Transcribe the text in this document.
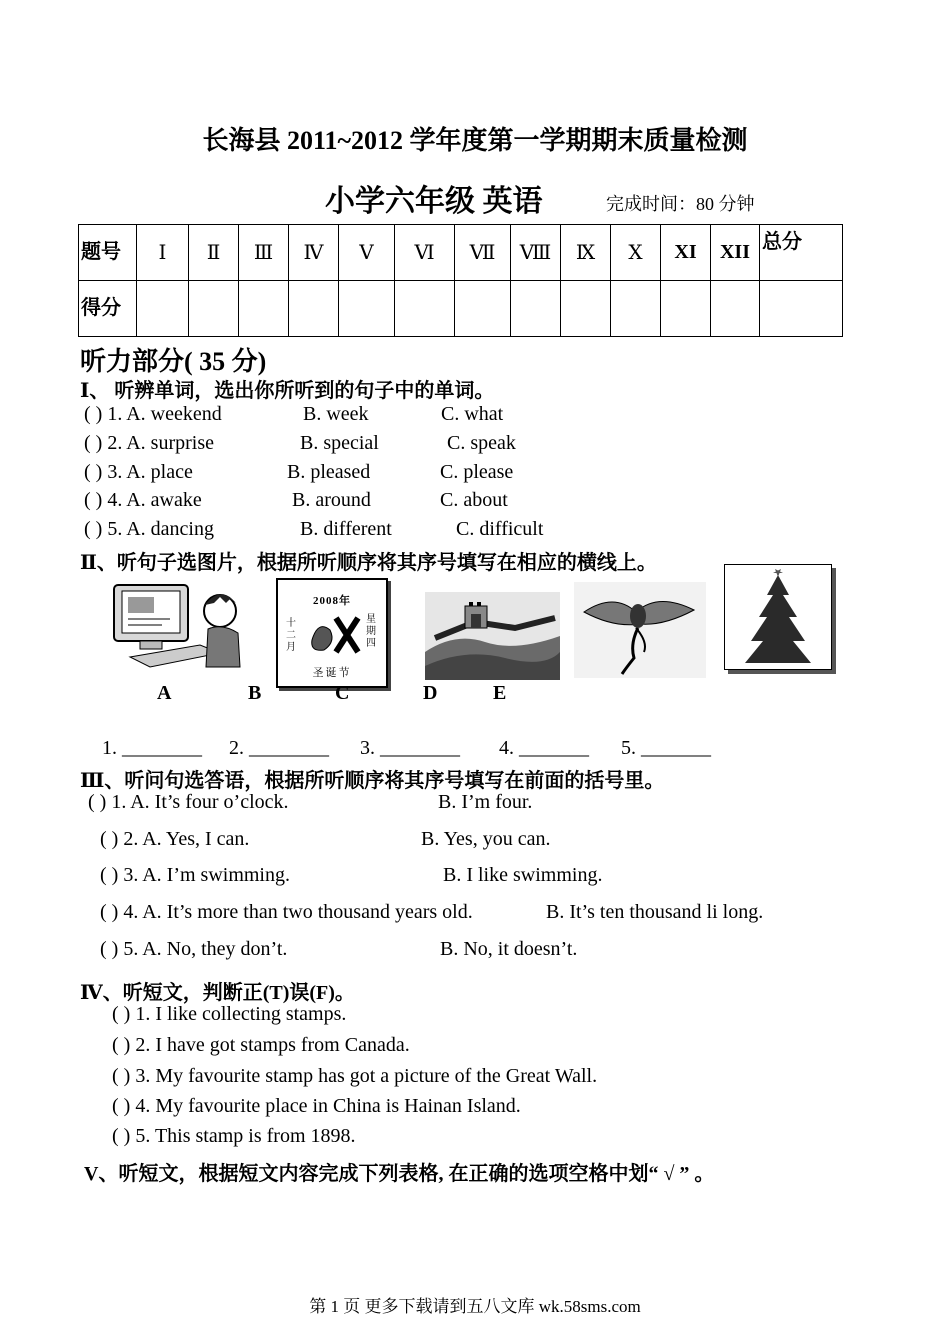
长海县 2011~2012 学年度第一学期期末质量检测
小学六年级 英语	完成时间：80 分钟
题号	Ⅰ	Ⅱ	Ⅲ	Ⅳ	Ⅴ	Ⅵ	Ⅶ	Ⅷ	Ⅸ	Ⅹ	XI	XII	总分
得分													
听力部分( 35 分)
Ⅰ、 听辨单词，选出你所听到的句子中的单词。
( ) 1. A. weekend	B. week	C. what
( ) 2. A. surprise	B. special	C. speak
( ) 3. A. place	B. pleased	C. please
( ) 4. A. awake	B. around	C. about
( ) 5. A. dancing	B. different	C. difficult
Ⅱ、听句子选图片，根据所听顺序将其序号填写在相应的横线上。
2008年
十二月
星期四
圣诞节
A	B	C	D	E
1. ________ 2. ________ 3. ________ 4. _______ 5. _______
Ⅲ、听问句选答语，根据所听顺序将其序号填写在前面的括号里。
( ) 1. A. It’s four o’clock.	B. I’m four.
( ) 2. A. Yes, I can.	B. Yes, you can.
( ) 3. A. I’m swimming.	B. I like swimming.
( ) 4. A. It’s more than two thousand years old.	B. It’s ten thousand li long.
( ) 5. A. No, they don’t.	B. No, it doesn’t.
Ⅳ、听短文，判断正(T)误(F)。
( ) 1. I like collecting stamps.
( ) 2. I have got stamps from Canada.
( ) 3. My favourite stamp has got a picture of the Great Wall.
( ) 4. My favourite place in China is Hainan Island.
( ) 5. This stamp is from 1898.
V、听短文，根据短文内容完成下列表格, 在正确的选项空格中划“ √ ” 。
第 1 页 更多下载请到五八文库 wk.58sms.com
